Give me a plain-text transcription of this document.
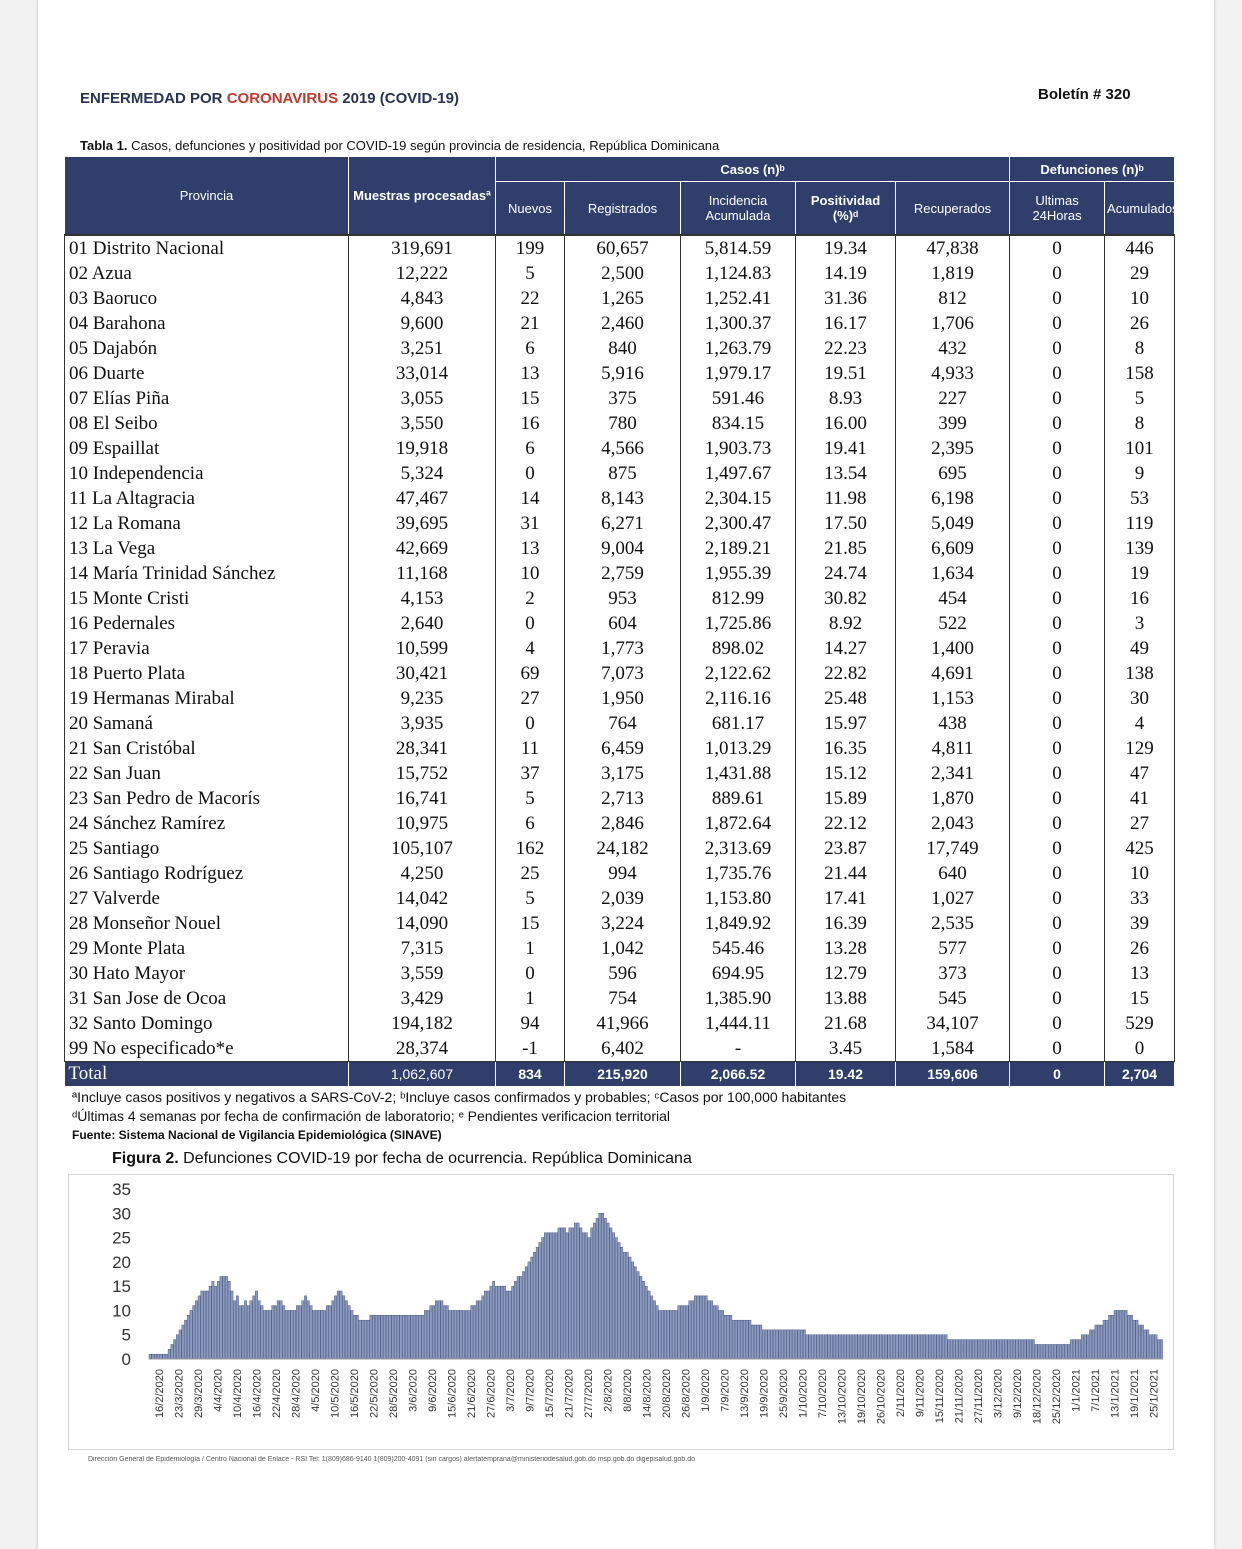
ENFERMEDAD POR CORONAVIRUS 2019 (COVID-19)	Boletín # 320
Tabla 1. Casos, defunciones y positividad por COVID-19 según provincia de residencia, República Dominicana
Provincia	Muestras procesadasª	Casos (n)ᵇ					Defunciones (n)ᵇ	
		Nuevos	Registrados	Incidencia Acumulada	Positividad (%)ᵈ	Recuperados	Ultimas 24Horas	Acumulados
01 Distrito Nacional	319,691	199	60,657	5,814.59	19.34	47,838	0	446
02 Azua	12,222	5	2,500	1,124.83	14.19	1,819	0	29
03 Baoruco	4,843	22	1,265	1,252.41	31.36	812	0	10
04 Barahona	9,600	21	2,460	1,300.37	16.17	1,706	0	26
05 Dajabón	3,251	6	840	1,263.79	22.23	432	0	8
06 Duarte	33,014	13	5,916	1,979.17	19.51	4,933	0	158
07 Elías Piña	3,055	15	375	591.46	8.93	227	0	5
08 El Seibo	3,550	16	780	834.15	16.00	399	0	8
09 Espaillat	19,918	6	4,566	1,903.73	19.41	2,395	0	101
10 Independencia	5,324	0	875	1,497.67	13.54	695	0	9
11 La Altagracia	47,467	14	8,143	2,304.15	11.98	6,198	0	53
12 La Romana	39,695	31	6,271	2,300.47	17.50	5,049	0	119
13 La Vega	42,669	13	9,004	2,189.21	21.85	6,609	0	139
14 María Trinidad Sánchez	11,168	10	2,759	1,955.39	24.74	1,634	0	19
15 Monte Cristi	4,153	2	953	812.99	30.82	454	0	16
16 Pedernales	2,640	0	604	1,725.86	8.92	522	0	3
17 Peravia	10,599	4	1,773	898.02	14.27	1,400	0	49
18 Puerto Plata	30,421	69	7,073	2,122.62	22.82	4,691	0	138
19 Hermanas Mirabal	9,235	27	1,950	2,116.16	25.48	1,153	0	30
20 Samaná	3,935	0	764	681.17	15.97	438	0	4
21 San Cristóbal	28,341	11	6,459	1,013.29	16.35	4,811	0	129
22 San Juan	15,752	37	3,175	1,431.88	15.12	2,341	0	47
23 San Pedro de Macorís	16,741	5	2,713	889.61	15.89	1,870	0	41
24 Sánchez Ramírez	10,975	6	2,846	1,872.64	22.12	2,043	0	27
25 Santiago	105,107	162	24,182	2,313.69	23.87	17,749	0	425
26 Santiago Rodríguez	4,250	25	994	1,735.76	21.44	640	0	10
27 Valverde	14,042	5	2,039	1,153.80	17.41	1,027	0	33
28 Monseñor Nouel	14,090	15	3,224	1,849.92	16.39	2,535	0	39
29 Monte Plata	7,315	1	1,042	545.46	13.28	577	0	26
30 Hato Mayor	3,559	0	596	694.95	12.79	373	0	13
31 San Jose de Ocoa	3,429	1	754	1,385.90	13.88	545	0	15
32 Santo Domingo	194,182	94	41,966	1,444.11	21.68	34,107	0	529
99 No especificado*e	28,374	-1	6,402	-	3.45	1,584	0	0
Total	1,062,607	834	215,920	2,066.52	19.42	159,606	0	2,704
ªIncluye casos positivos y negativos a SARS-CoV-2; ᵇIncluye casos confirmados y probables; ᶜCasos por 100,000 habitantes
ᵈÚltimas 4 semanas por fecha de confirmación de laboratorio; ᵉ Pendientes verificacion territorial
Fuente: Sistema Nacional de Vigilancia Epidemiológica (SINAVE)
Figura 2. Defunciones COVID-19 por fecha de ocurrencia. República Dominicana
0
5
10
15
20
25
30
35
16/2/2020 23/3/2020 29/3/2020 4/4/2020 10/4/2020 16/4/2020 22/4/2020 28/4/2020 4/5/2020 10/5/2020 16/5/2020 22/5/2020 28/5/2020 3/6/2020 9/6/2020 15/6/2020 21/6/2020 27/6/2020 3/7/2020 9/7/2020 15/7/2020 21/7/2020 27/7/2020 2/8/2020 8/8/2020 14/8/2020 20/8/2020 26/8/2020 1/9/2020 7/9/2020 13/9/2020 19/9/2020 25/9/2020 1/10/2020 7/10/2020 13/10/2020 19/10/2020 26/10/2020 2/11/2020 9/11/2020 15/11/2020 21/11/2020 27/11/2020 3/12/2020 9/12/2020 18/12/2020 25/12/2020 1/1/2021 7/1/2021 13/1/2021 19/1/2021 25/1/2021
Dirección General de Epidemiología / Centro Nacional de Enlace - RSI Tel: 1(809)686-9140 1(809)200-4091 (sin cargos) alertatemprana@ministeriodesalud.gob.do msp.gob.do digepisalud.gob.do
